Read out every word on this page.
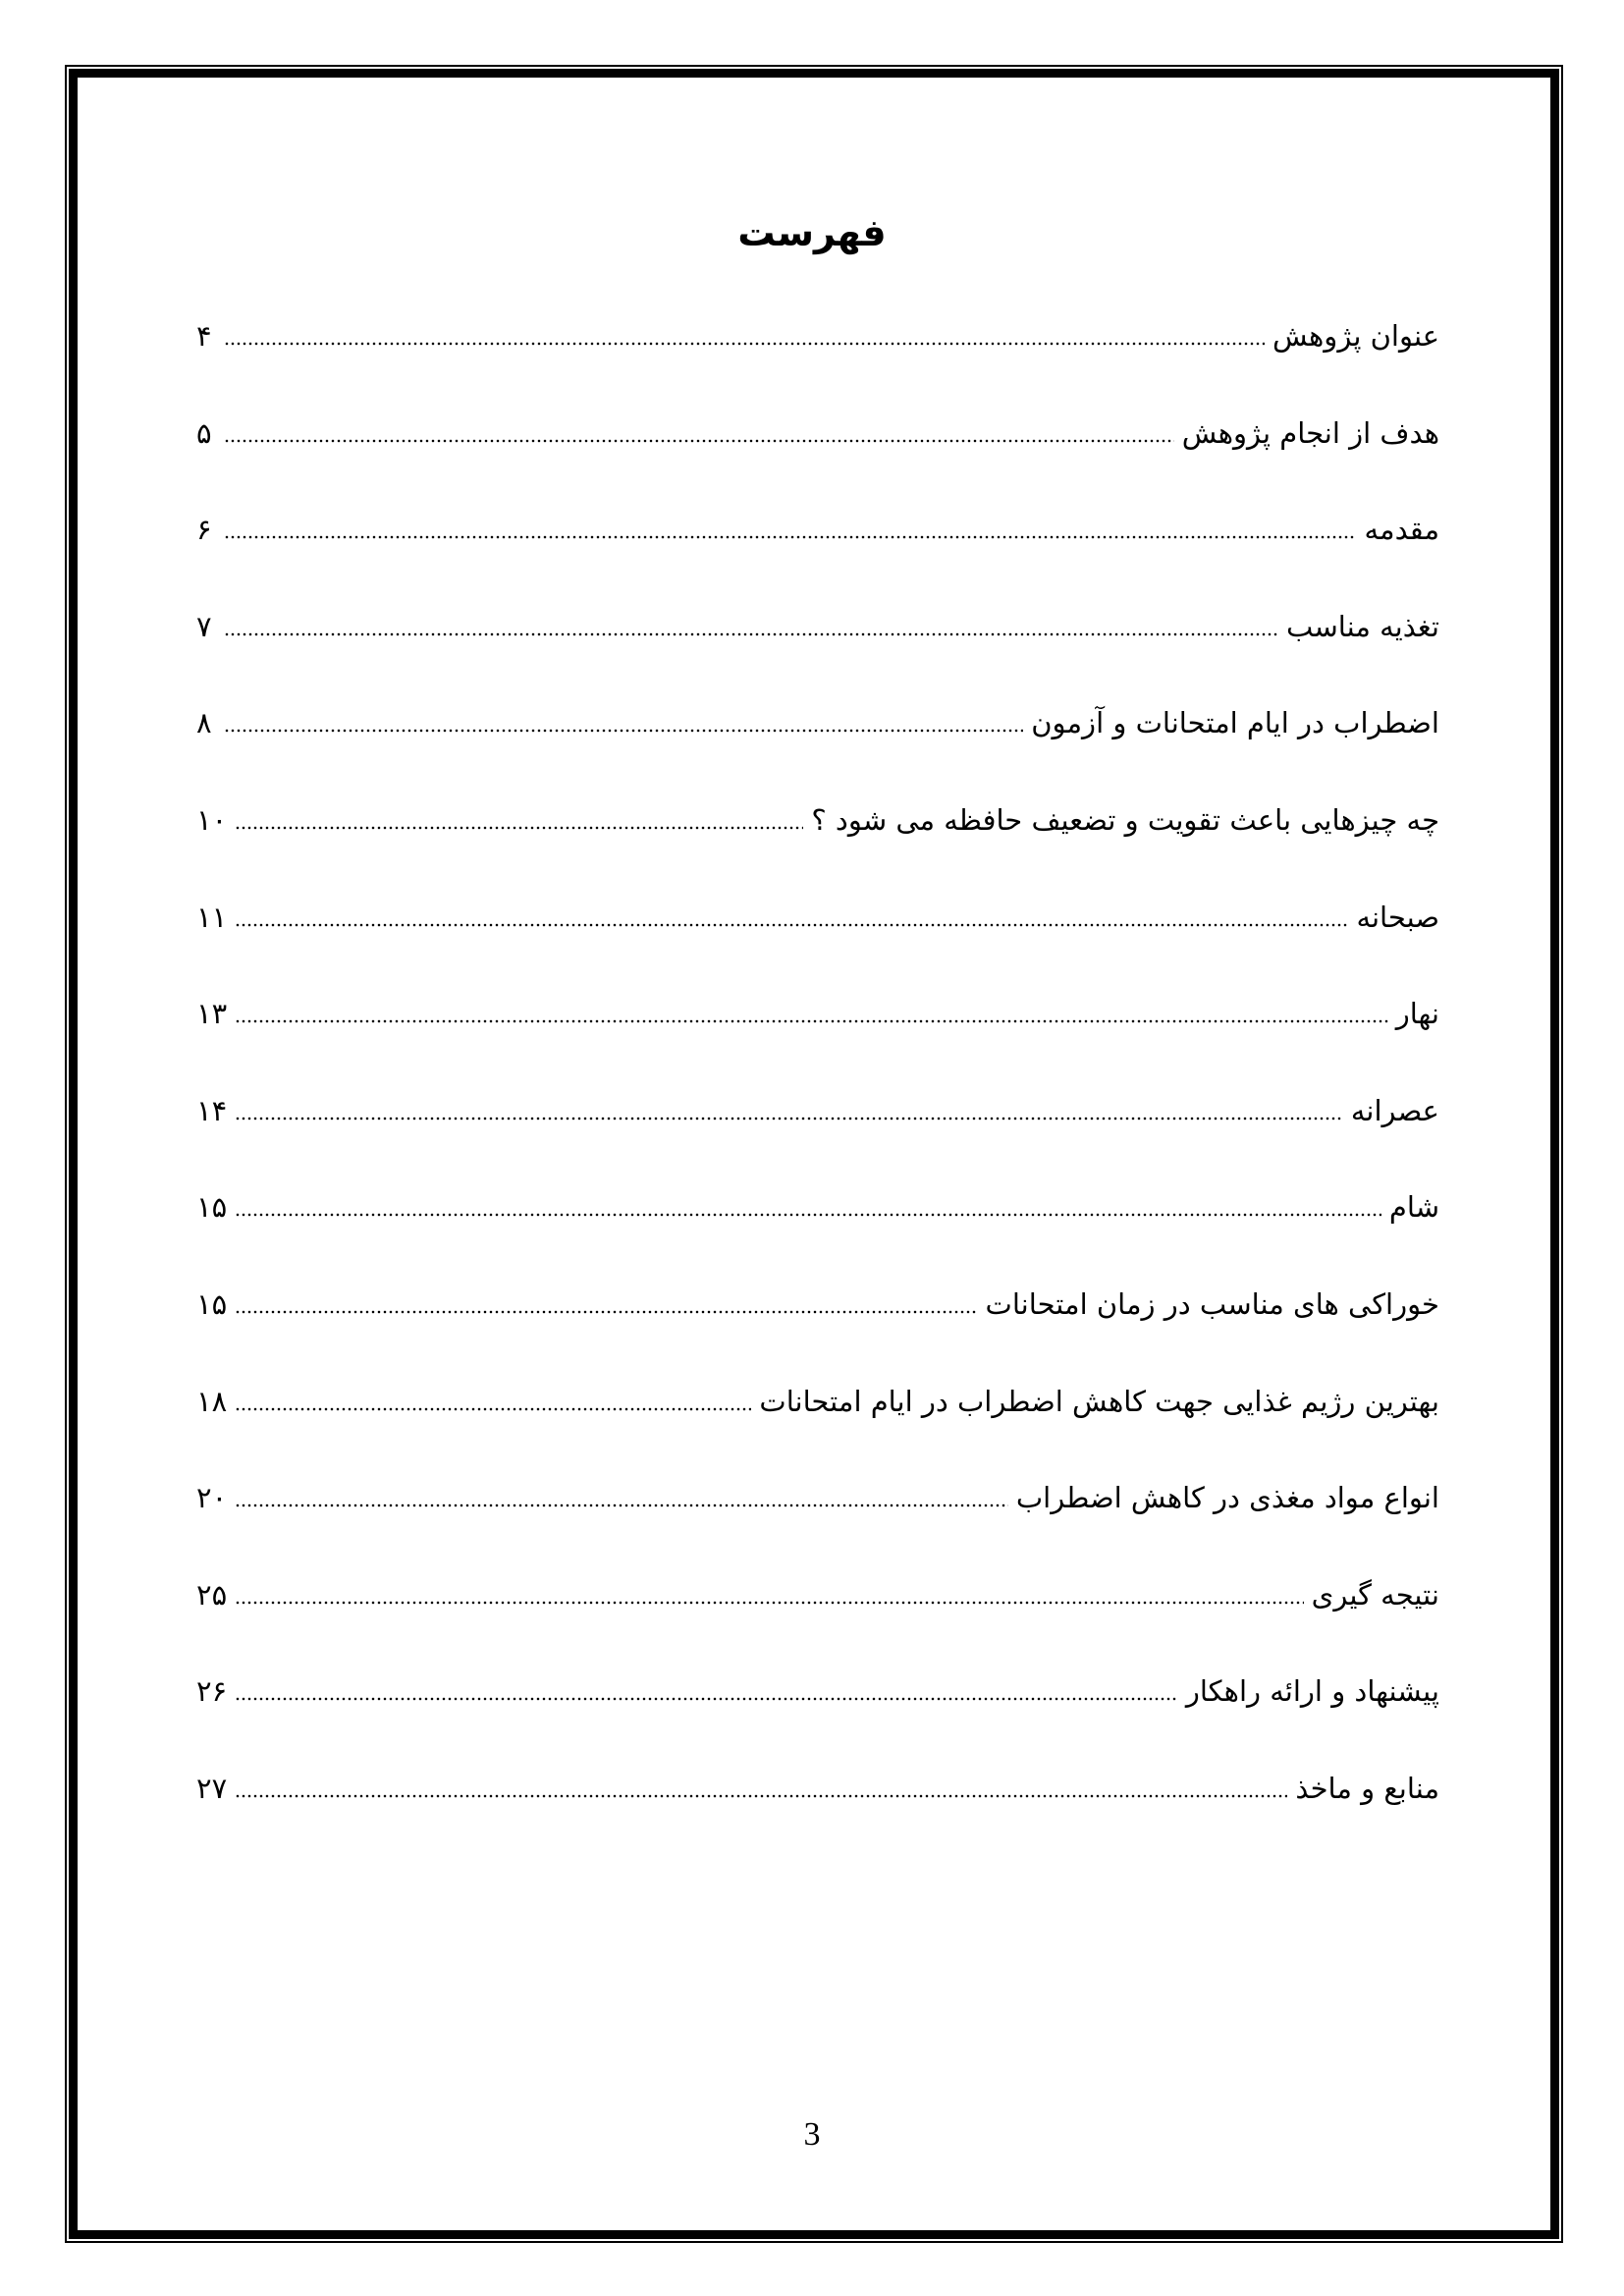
فهرست
عنوان پژوهش
۴
هدف از انجام پژوهش
۵
مقدمه
۶
تغذیه مناسب
۷
اضطراب در ایام امتحانات و آزمون
۸
چه چیزهایی باعث تقویت و تضعیف حافظه می شود ؟
۱۰
صبحانه
۱۱
نهار
۱۳
عصرانه
۱۴
شام
۱۵
خوراکی های مناسب در زمان امتحانات
۱۵
بهترین رژیم غذایی جهت کاهش اضطراب در ایام امتحانات
۱۸
انواع مواد مغذی در کاهش اضطراب
۲۰
نتیجه گیری
۲۵
پیشنهاد و ارائه راهکار
۲۶
منابع و ماخذ
۲۷
3
